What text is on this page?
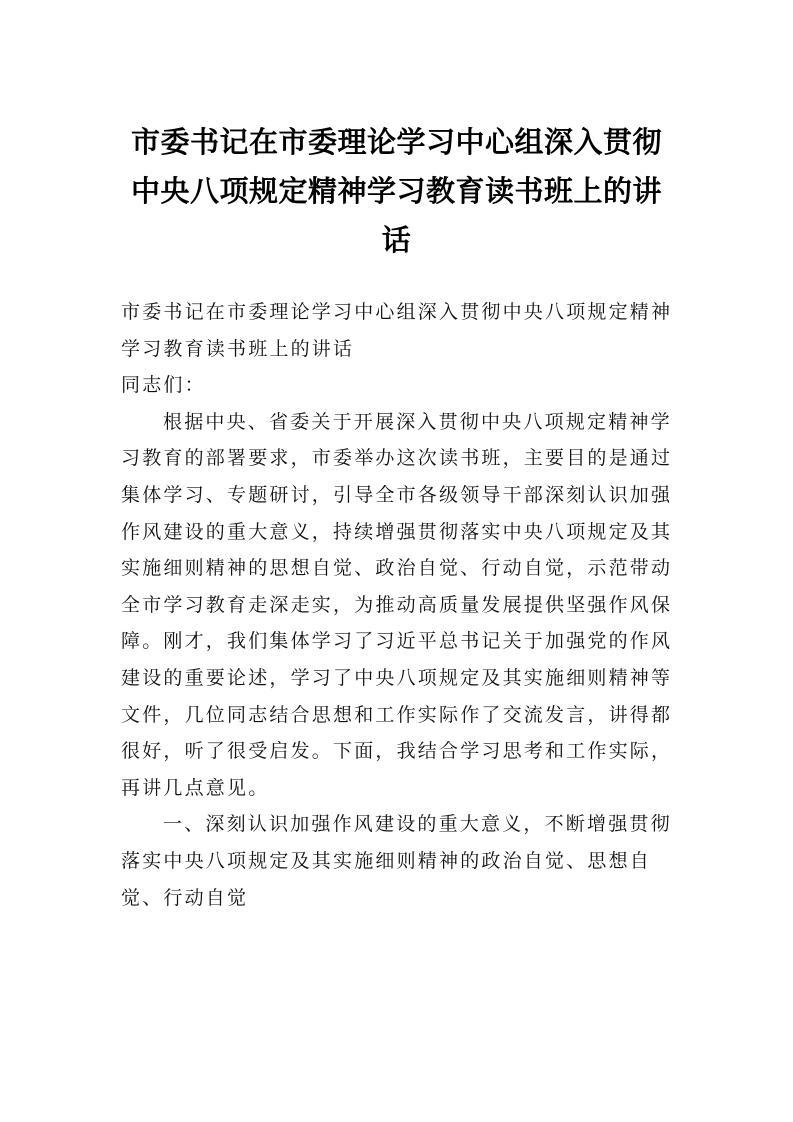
市委书记在市委理论学习中心组深入贯彻
中央八项规定精神学习教育读书班上的讲
话

市委书记在市委理论学习中心组深入贯彻中央八项规定精神学习教育读书班上的讲话

同志们：

根据中央、省委关于开展深入贯彻中央八项规定精神学习教育的部署要求，市委举办这次读书班，主要目的是通过集体学习、专题研讨，引导全市各级领导干部深刻认识加强作风建设的重大意义，持续增强贯彻落实中央八项规定及其实施细则精神的思想自觉、政治自觉、行动自觉，示范带动全市学习教育走深走实，为推动高质量发展提供坚强作风保障。刚才，我们集体学习了习近平总书记关于加强党的作风建设的重要论述，学习了中央八项规定及其实施细则精神等文件，几位同志结合思想和工作实际作了交流发言，讲得都很好，听了很受启发。下面，我结合学习思考和工作实际，再讲几点意见。

一、深刻认识加强作风建设的重大意义，不断增强贯彻落实中央八项规定及其实施细则精神的政治自觉、思想自觉、行动自觉
